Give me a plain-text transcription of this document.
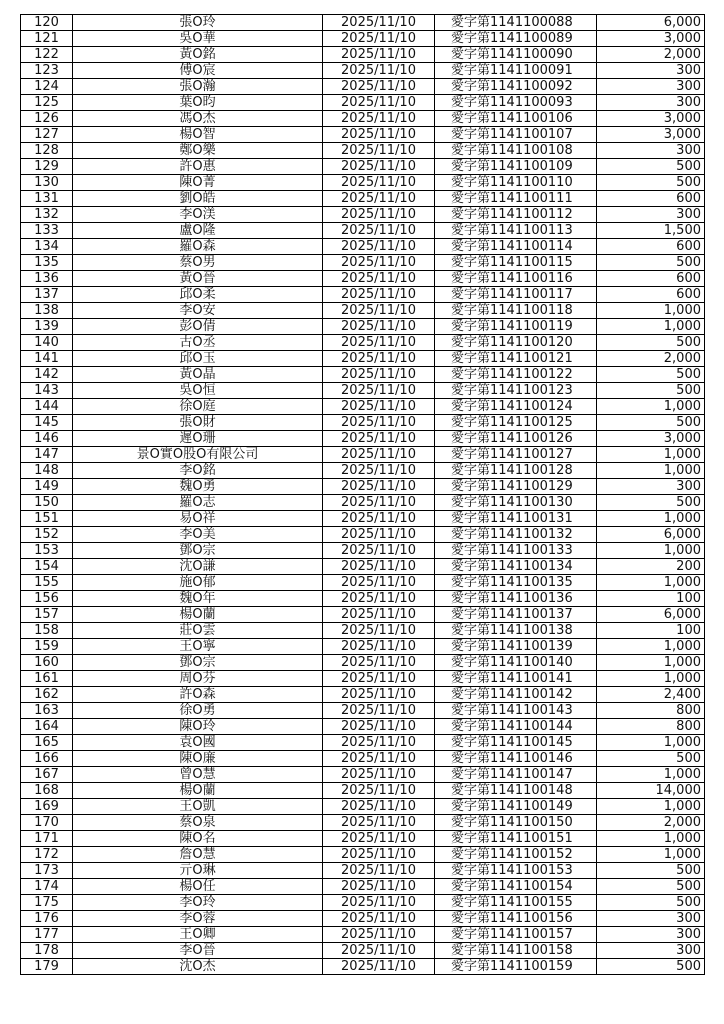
120	張O玲	2025/11/10	愛字第1141100088	6,000
121	吳O華	2025/11/10	愛字第1141100089	3,000
122	黃O銘	2025/11/10	愛字第1141100090	2,000
123	傅O宸	2025/11/10	愛字第1141100091	300
124	張O瀚	2025/11/10	愛字第1141100092	300
125	葉O昀	2025/11/10	愛字第1141100093	300
126	馮O杰	2025/11/10	愛字第1141100106	3,000
127	楊O智	2025/11/10	愛字第1141100107	3,000
128	鄭O樂	2025/11/10	愛字第1141100108	300
129	許O惠	2025/11/10	愛字第1141100109	500
130	陳O菁	2025/11/10	愛字第1141100110	500
131	劉O皓	2025/11/10	愛字第1141100111	600
132	李O渼	2025/11/10	愛字第1141100112	300
133	盧O隆	2025/11/10	愛字第1141100113	1,500
134	羅O森	2025/11/10	愛字第1141100114	600
135	蔡O男	2025/11/10	愛字第1141100115	500
136	黃O晉	2025/11/10	愛字第1141100116	600
137	邱O柔	2025/11/10	愛字第1141100117	600
138	李O安	2025/11/10	愛字第1141100118	1,000
139	彭O倩	2025/11/10	愛字第1141100119	1,000
140	古O丞	2025/11/10	愛字第1141100120	500
141	邱O玉	2025/11/10	愛字第1141100121	2,000
142	黃O晶	2025/11/10	愛字第1141100122	500
143	吳O恒	2025/11/10	愛字第1141100123	500
144	徐O庭	2025/11/10	愛字第1141100124	1,000
145	張O財	2025/11/10	愛字第1141100125	500
146	遲O珊	2025/11/10	愛字第1141100126	3,000
147	景O實O股O有限公司	2025/11/10	愛字第1141100127	1,000
148	李O銘	2025/11/10	愛字第1141100128	1,000
149	魏O勇	2025/11/10	愛字第1141100129	300
150	羅O志	2025/11/10	愛字第1141100130	500
151	易O祥	2025/11/10	愛字第1141100131	1,000
152	李O美	2025/11/10	愛字第1141100132	6,000
153	鄧O宗	2025/11/10	愛字第1141100133	1,000
154	沈O謙	2025/11/10	愛字第1141100134	200
155	施O郁	2025/11/10	愛字第1141100135	1,000
156	魏O年	2025/11/10	愛字第1141100136	100
157	楊O蘭	2025/11/10	愛字第1141100137	6,000
158	莊O雲	2025/11/10	愛字第1141100138	100
159	王O寧	2025/11/10	愛字第1141100139	1,000
160	鄧O宗	2025/11/10	愛字第1141100140	1,000
161	周O芬	2025/11/10	愛字第1141100141	1,000
162	許O森	2025/11/10	愛字第1141100142	2,400
163	徐O勇	2025/11/10	愛字第1141100143	800
164	陳O玲	2025/11/10	愛字第1141100144	800
165	袁O國	2025/11/10	愛字第1141100145	1,000
166	陳O廉	2025/11/10	愛字第1141100146	500
167	曾O慧	2025/11/10	愛字第1141100147	1,000
168	楊O蘭	2025/11/10	愛字第1141100148	14,000
169	王O凱	2025/11/10	愛字第1141100149	1,000
170	蔡O泉	2025/11/10	愛字第1141100150	2,000
171	陳O名	2025/11/10	愛字第1141100151	1,000
172	詹O慧	2025/11/10	愛字第1141100152	1,000
173	亓O琳	2025/11/10	愛字第1141100153	500
174	楊O任	2025/11/10	愛字第1141100154	500
175	李O玲	2025/11/10	愛字第1141100155	500
176	李O蓉	2025/11/10	愛字第1141100156	300
177	王O卿	2025/11/10	愛字第1141100157	300
178	李O晉	2025/11/10	愛字第1141100158	300
179	沈O杰	2025/11/10	愛字第1141100159	500
